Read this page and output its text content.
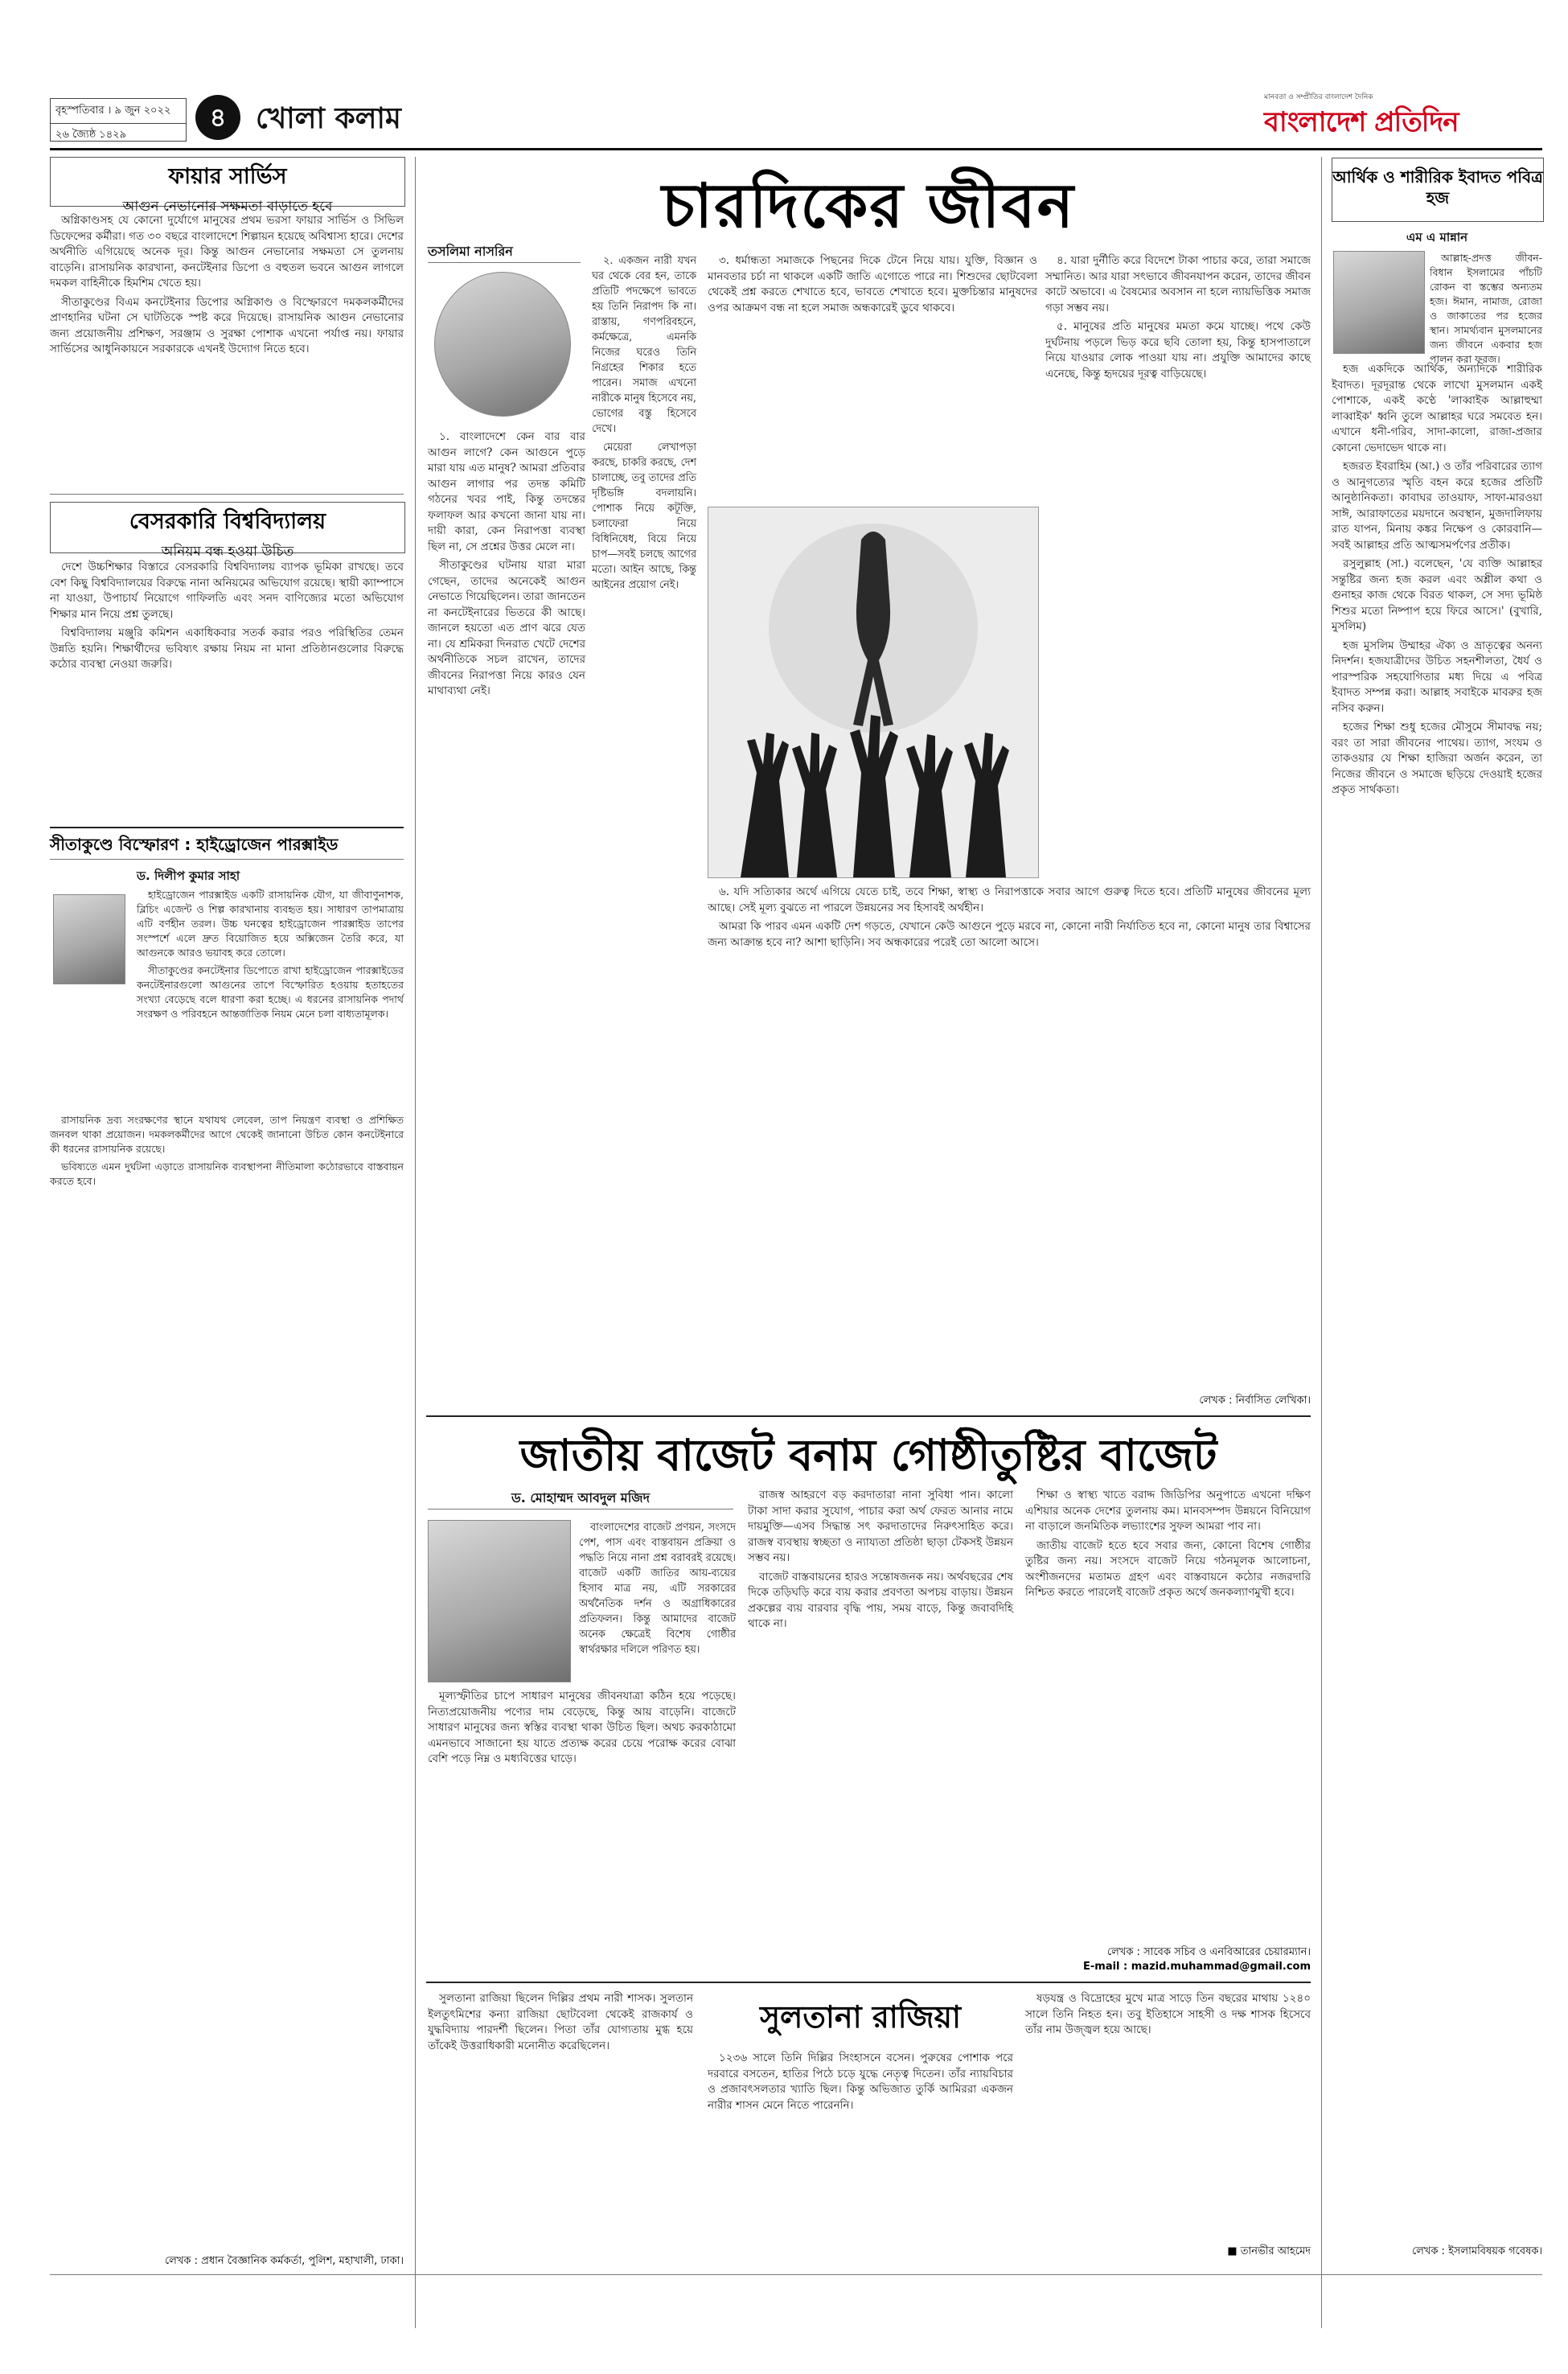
বৃহস্পতিবার । ৯ জুন ২০২২
২৬ জ্যৈষ্ঠ ১৪২৯
৪	খোলা কলাম
মানবতা ও সম্প্রীতির বাংলাদেশ দৈনিক
বাংলাদেশ প্রতিদিন
ফায়ার সার্ভিস
আগুন নেভানোর সক্ষমতা বাড়াতে হবে

অগ্নিকাণ্ডসহ যে কোনো দুর্যোগে মানুষের প্রথম ভরসা ফায়ার সার্ভিস ও সিভিল ডিফেন্সের কর্মীরা। গত ৩০ বছরে বাংলাদেশে শিল্পায়ন হয়েছে অবিশ্বাস্য হারে। দেশের অর্থনীতি এগিয়েছে অনেক দূর। কিন্তু আগুন নেভানোর সক্ষমতা সে তুলনায় বাড়েনি। রাসায়নিক কারখানা, কনটেইনার ডিপো ও বহুতল ভবনে আগুন লাগলে দমকল বাহিনীকে হিমশিম খেতে হয়।

সীতাকুণ্ডের বিএম কনটেইনার ডিপোর অগ্নিকাণ্ড ও বিস্ফোরণে দমকলকর্মীদের প্রাণহানির ঘটনা সে ঘাটতিকে স্পষ্ট করে দিয়েছে। রাসায়নিক আগুন নেভানোর জন্য প্রয়োজনীয় প্রশিক্ষণ, সরঞ্জাম ও সুরক্ষা পোশাক এখনো পর্যাপ্ত নয়। ফায়ার সার্ভিসের আধুনিকায়নে সরকারকে এখনই উদ্যোগ নিতে হবে।

বেসরকারি বিশ্ববিদ্যালয়
অনিয়ম বন্ধ হওয়া উচিত

দেশে উচ্চশিক্ষার বিস্তারে বেসরকারি বিশ্ববিদ্যালয় ব্যাপক ভূমিকা রাখছে। তবে বেশ কিছু বিশ্ববিদ্যালয়ের বিরুদ্ধে নানা অনিয়মের অভিযোগ রয়েছে। স্থায়ী ক্যাম্পাসে না যাওয়া, উপাচার্য নিয়োগে গাফিলতি এবং সনদ বাণিজ্যের মতো অভিযোগ শিক্ষার মান নিয়ে প্রশ্ন তুলছে।

বিশ্ববিদ্যালয় মঞ্জুরি কমিশন একাধিকবার সতর্ক করার পরও পরিস্থিতির তেমন উন্নতি হয়নি। শিক্ষার্থীদের ভবিষ্যৎ রক্ষায় নিয়ম না মানা প্রতিষ্ঠানগুলোর বিরুদ্ধে কঠোর ব্যবস্থা নেওয়া জরুরি।

সীতাকুণ্ডে বিস্ফোরণ : হাইড্রোজেন পারক্সাইড
ড. দিলীপ কুমার সাহা

হাইড্রোজেন পারক্সাইড একটি রাসায়নিক যৌগ, যা জীবাণুনাশক, ব্লিচিং এজেন্ট ও শিল্প কারখানায় ব্যবহৃত হয়। সাধারণ তাপমাত্রায় এটি বর্ণহীন তরল। উচ্চ ঘনত্বের হাইড্রোজেন পারক্সাইড তাপের সংস্পর্শে এলে দ্রুত বিয়োজিত হয়ে অক্সিজেন তৈরি করে, যা আগুনকে আরও ভয়াবহ করে তোলে।

সীতাকুণ্ডের কনটেইনার ডিপোতে রাখা হাইড্রোজেন পারক্সাইডের কনটেইনারগুলো আগুনের তাপে বিস্ফোরিত হওয়ায় হতাহতের সংখ্যা বেড়েছে বলে ধারণা করা হচ্ছে। এ ধরনের রাসায়নিক পদার্থ সংরক্ষণ ও পরিবহনে আন্তর্জাতিক নিয়ম মেনে চলা বাধ্যতামূলক।

রাসায়নিক দ্রব্য সংরক্ষণের স্থানে যথাযথ লেবেল, তাপ নিয়ন্ত্রণ ব্যবস্থা ও প্রশিক্ষিত জনবল থাকা প্রয়োজন। দমকলকর্মীদের আগে থেকেই জানানো উচিত কোন কনটেইনারে কী ধরনের রাসায়নিক রয়েছে।

ভবিষ্যতে এমন দুর্ঘটনা এড়াতে রাসায়নিক ব্যবস্থাপনা নীতিমালা কঠোরভাবে বাস্তবায়ন করতে হবে।

লেখক : প্রধান বৈজ্ঞানিক কর্মকর্তা, পুলিশ, মহাখালী, ঢাকা।
চারদিকের জীবন
তসলিমা নাসরিন

১. বাংলাদেশে কেন বার বার আগুন লাগে? কেন আগুনে পুড়ে মারা যায় এত মানুষ? আমরা প্রতিবার আগুন লাগার পর তদন্ত কমিটি গঠনের খবর পাই, কিন্তু তদন্তের ফলাফল আর কখনো জানা যায় না। দায়ী কারা, কেন নিরাপত্তা ব্যবস্থা ছিল না, সে প্রশ্নের উত্তর মেলে না।

সীতাকুণ্ডের ঘটনায় যারা মারা গেছেন, তাদের অনেকেই আগুন নেভাতে গিয়েছিলেন। তারা জানতেন না কনটেইনারের ভিতরে কী আছে। জানলে হয়তো এত প্রাণ ঝরে যেত না। যে শ্রমিকরা দিনরাত খেটে দেশের অর্থনীতিকে সচল রাখেন, তাদের জীবনের নিরাপত্তা নিয়ে কারও যেন মাথাব্যথা নেই।

২. একজন নারী যখন ঘর থেকে বের হন, তাকে প্রতিটি পদক্ষেপে ভাবতে হয় তিনি নিরাপদ কি না। রাস্তায়, গণপরিবহনে, কর্মক্ষেত্রে, এমনকি নিজের ঘরেও তিনি নিগ্রহের শিকার হতে পারেন। সমাজ এখনো নারীকে মানুষ হিসেবে নয়, ভোগের বস্তু হিসেবে দেখে।

মেয়েরা লেখাপড়া করছে, চাকরি করছে, দেশ চালাচ্ছে, তবু তাদের প্রতি দৃষ্টিভঙ্গি বদলায়নি। পোশাক নিয়ে কটূক্তি, চলাফেরা নিয়ে বিধিনিষেধ, বিয়ে নিয়ে চাপ—সবই চলছে আগের মতো। আইন আছে, কিন্তু আইনের প্রয়োগ নেই।

৩. ধর্মান্ধতা সমাজকে পিছনের দিকে টেনে নিয়ে যায়। যুক্তি, বিজ্ঞান ও মানবতার চর্চা না থাকলে একটি জাতি এগোতে পারে না। শিশুদের ছোটবেলা থেকেই প্রশ্ন করতে শেখাতে হবে, ভাবতে শেখাতে হবে। মুক্তচিন্তার মানুষদের ওপর আক্রমণ বন্ধ না হলে সমাজ অন্ধকারেই ডুবে থাকবে।

৪. যারা দুর্নীতি করে বিদেশে টাকা পাচার করে, তারা সমাজে সম্মানিত। আর যারা সৎভাবে জীবনযাপন করেন, তাদের জীবন কাটে অভাবে। এ বৈষম্যের অবসান না হলে ন্যায়ভিত্তিক সমাজ গড়া সম্ভব নয়।

৫. মানুষের প্রতি মানুষের মমতা কমে যাচ্ছে। পথে কেউ দুর্ঘটনায় পড়লে ভিড় করে ছবি তোলা হয়, কিন্তু হাসপাতালে নিয়ে যাওয়ার লোক পাওয়া যায় না। প্রযুক্তি আমাদের কাছে এনেছে, কিন্তু হৃদয়ের দূরত্ব বাড়িয়েছে।

৬. যদি সত্যিকার অর্থে এগিয়ে যেতে চাই, তবে শিক্ষা, স্বাস্থ্য ও নিরাপত্তাকে সবার আগে গুরুত্ব দিতে হবে। প্রতিটি মানুষের জীবনের মূল্য আছে। সেই মূল্য বুঝতে না পারলে উন্নয়নের সব হিসাবই অর্থহীন।

আমরা কি পারব এমন একটি দেশ গড়তে, যেখানে কেউ আগুনে পুড়ে মরবে না, কোনো নারী নির্যাতিত হবে না, কোনো মানুষ তার বিশ্বাসের জন্য আক্রান্ত হবে না? আশা ছাড়িনি। সব অন্ধকারের পরেই তো আলো আসে।

লেখক : নির্বাসিত লেখিকা।
জাতীয় বাজেট বনাম গোষ্ঠীতুষ্টির বাজেট
ড. মোহাম্মদ আবদুল মজিদ

বাংলাদেশের বাজেট প্রণয়ন, সংসদে পেশ, পাস এবং বাস্তবায়ন প্রক্রিয়া ও পদ্ধতি নিয়ে নানা প্রশ্ন বরাবরই রয়েছে। বাজেট একটি জাতির আয়-ব্যয়ের হিসাব মাত্র নয়, এটি সরকারের অর্থনৈতিক দর্শন ও অগ্রাধিকারের প্রতিফলন। কিন্তু আমাদের বাজেট অনেক ক্ষেত্রেই বিশেষ গোষ্ঠীর স্বার্থরক্ষার দলিলে পরিণত হয়।

মূল্যস্ফীতির চাপে সাধারণ মানুষের জীবনযাত্রা কঠিন হয়ে পড়েছে। নিত্যপ্রয়োজনীয় পণ্যের দাম বেড়েছে, কিন্তু আয় বাড়েনি। বাজেটে সাধারণ মানুষের জন্য স্বস্তির ব্যবস্থা থাকা উচিত ছিল। অথচ করকাঠামো এমনভাবে সাজানো হয় যাতে প্রত্যক্ষ করের চেয়ে পরোক্ষ করের বোঝা বেশি পড়ে নিম্ন ও মধ্যবিত্তের ঘাড়ে।

রাজস্ব আহরণে বড় করদাতারা নানা সুবিধা পান। কালো টাকা সাদা করার সুযোগ, পাচার করা অর্থ ফেরত আনার নামে দায়মুক্তি—এসব সিদ্ধান্ত সৎ করদাতাদের নিরুৎসাহিত করে। রাজস্ব ব্যবস্থায় স্বচ্ছতা ও ন্যায্যতা প্রতিষ্ঠা ছাড়া টেকসই উন্নয়ন সম্ভব নয়।

বাজেট বাস্তবায়নের হারও সন্তোষজনক নয়। অর্থবছরের শেষ দিকে তড়িঘড়ি করে ব্যয় করার প্রবণতা অপচয় বাড়ায়। উন্নয়ন প্রকল্পের ব্যয় বারবার বৃদ্ধি পায়, সময় বাড়ে, কিন্তু জবাবদিহি থাকে না।

শিক্ষা ও স্বাস্থ্য খাতে বরাদ্দ জিডিপির অনুপাতে এখনো দক্ষিণ এশিয়ার অনেক দেশের তুলনায় কম। মানবসম্পদ উন্নয়নে বিনিয়োগ না বাড়ালে জনমিতিক লভ্যাংশের সুফল আমরা পাব না।

জাতীয় বাজেট হতে হবে সবার জন্য, কোনো বিশেষ গোষ্ঠীর তুষ্টির জন্য নয়। সংসদে বাজেট নিয়ে গঠনমূলক আলোচনা, অংশীজনদের মতামত গ্রহণ এবং বাস্তবায়নে কঠোর নজরদারি নিশ্চিত করতে পারলেই বাজেট প্রকৃত অর্থে জনকল্যাণমুখী হবে।

লেখক : সাবেক সচিব ও এনবিআরের চেয়ারম্যান।
E-mail : mazid.muhammad@gmail.com

সুলতানা রাজিয়া ছিলেন দিল্লির প্রথম নারী শাসক। সুলতান ইলতুৎমিশের কন্যা রাজিয়া ছোটবেলা থেকেই রাজকার্য ও যুদ্ধবিদ্যায় পারদর্শী ছিলেন। পিতা তাঁর যোগ্যতায় মুগ্ধ হয়ে তাঁকেই উত্তরাধিকারী মনোনীত করেছিলেন।

সুলতানা রাজিয়া

১২৩৬ সালে তিনি দিল্লির সিংহাসনে বসেন। পুরুষের পোশাক পরে দরবারে বসতেন, হাতির পিঠে চড়ে যুদ্ধে নেতৃত্ব দিতেন। তাঁর ন্যায়বিচার ও প্রজাবৎসলতার খ্যাতি ছিল। কিন্তু অভিজাত তুর্কি আমিররা একজন নারীর শাসন মেনে নিতে পারেননি।

ষড়যন্ত্র ও বিদ্রোহের মুখে মাত্র সাড়ে তিন বছরের মাথায় ১২৪০ সালে তিনি নিহত হন। তবু ইতিহাসে সাহসী ও দক্ষ শাসক হিসেবে তাঁর নাম উজ্জ্বল হয়ে আছে।

■ তানভীর আহমেদ
আর্থিক ও শারীরিক ইবাদত পবিত্র হজ
এম এ মান্নান

আল্লাহ-প্রদত্ত জীবন-বিধান ইসলামের পাঁচটি রোকন বা স্তম্ভের অন্যতম হজ। ঈমান, নামাজ, রোজা ও জাকাতের পর হজের স্থান। সামর্থ্যবান মুসলমানের জন্য জীবনে একবার হজ পালন করা ফরজ।

হজ একদিকে আর্থিক, অন্যদিকে শারীরিক ইবাদত। দূরদূরান্ত থেকে লাখো মুসলমান একই পোশাকে, একই কণ্ঠে 'লাব্বাইক আল্লাহুম্মা লাব্বাইক' ধ্বনি তুলে আল্লাহর ঘরে সমবেত হন। এখানে ধনী-গরিব, সাদা-কালো, রাজা-প্রজার কোনো ভেদাভেদ থাকে না।

হজরত ইবরাহিম (আ.) ও তাঁর পরিবারের ত্যাগ ও আনুগত্যের স্মৃতি বহন করে হজের প্রতিটি আনুষ্ঠানিকতা। কাবাঘর তাওয়াফ, সাফা-মারওয়া সাঈ, আরাফাতের ময়দানে অবস্থান, মুজদালিফায় রাত যাপন, মিনায় কঙ্কর নিক্ষেপ ও কোরবানি—সবই আল্লাহর প্রতি আত্মসমর্পণের প্রতীক।

রসুলুল্লাহ (সা.) বলেছেন, 'যে ব্যক্তি আল্লাহর সন্তুষ্টির জন্য হজ করল এবং অশ্লীল কথা ও গুনাহর কাজ থেকে বিরত থাকল, সে সদ্য ভূমিষ্ঠ শিশুর মতো নিষ্পাপ হয়ে ফিরে আসে।' (বুখারি, মুসলিম)

হজ মুসলিম উম্মাহর ঐক্য ও ভ্রাতৃত্বের অনন্য নিদর্শন। হজযাত্রীদের উচিত সহনশীলতা, ধৈর্য ও পারস্পরিক সহযোগিতার মধ্য দিয়ে এ পবিত্র ইবাদত সম্পন্ন করা। আল্লাহ সবাইকে মাবরুর হজ নসিব করুন।

হজের শিক্ষা শুধু হজের মৌসুমে সীমাবদ্ধ নয়; বরং তা সারা জীবনের পাথেয়। ত্যাগ, সংযম ও তাকওয়ার যে শিক্ষা হাজিরা অর্জন করেন, তা নিজের জীবনে ও সমাজে ছড়িয়ে দেওয়াই হজের প্রকৃত সার্থকতা।

লেখক : ইসলামবিষয়ক গবেষক।
